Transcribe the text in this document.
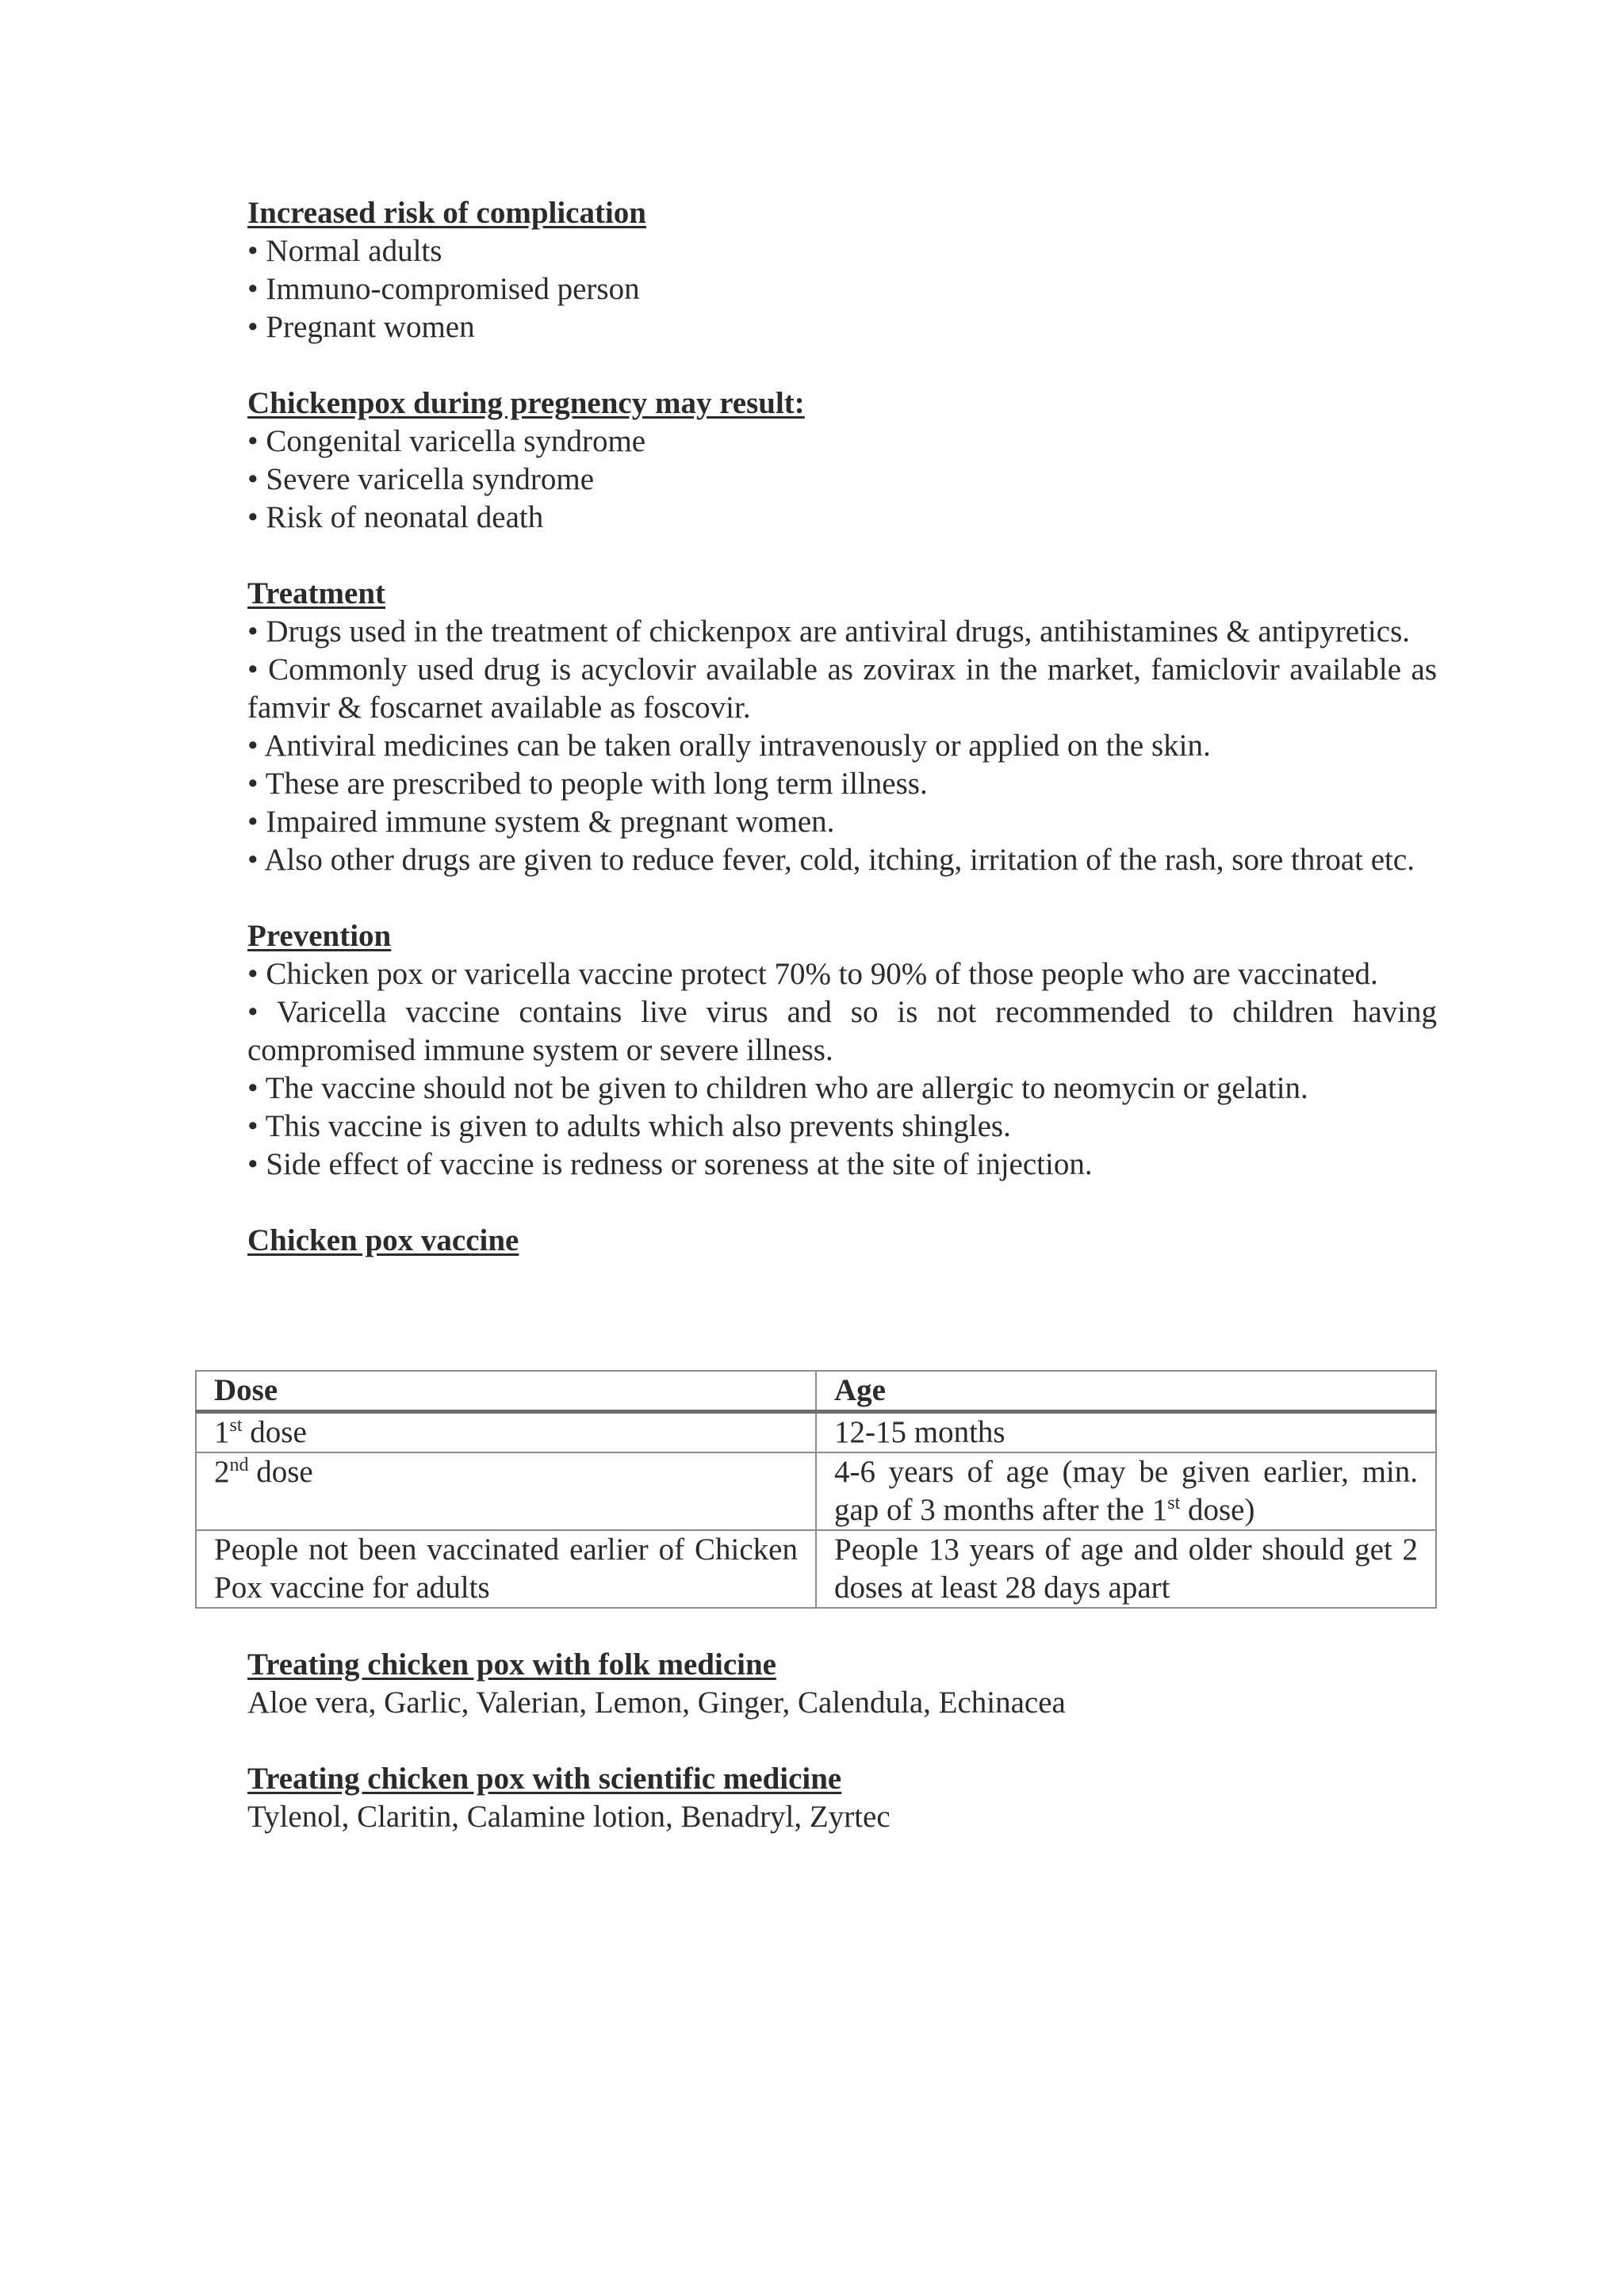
Increased risk of complication
• Normal adults
• Immuno-compromised person
• Pregnant women
Chickenpox during pregnency may result:
• Congenital varicella syndrome
• Severe varicella syndrome
• Risk of neonatal death
Treatment
• Drugs used in the treatment of chickenpox are antiviral drugs, antihistamines & antipyretics.
• Commonly used drug is acyclovir available as zovirax in the market, famiclovir available as famvir & foscarnet available as foscovir.
• Antiviral medicines can be taken orally intravenously or applied on the skin.
• These are prescribed to people with long term illness.
• Impaired immune system & pregnant women.
• Also other drugs are given to reduce fever, cold, itching, irritation of the rash, sore throat etc.
Prevention
• Chicken pox or varicella vaccine protect 70% to 90% of those people who are vaccinated.
• Varicella vaccine contains live virus and so is not recommended to children having compromised immune system or severe illness.
• The vaccine should not be given to children who are allergic to neomycin or gelatin.
• This vaccine is given to adults which also prevents shingles.
• Side effect of vaccine is redness or soreness at the site of injection.
Chicken pox vaccine
Dose	Age
1st dose	12-15 months
2nd dose	4-6 years of age (may be given earlier, min. gap of 3 months after the 1st dose)
People not been vaccinated earlier of Chicken Pox vaccine for adults	People 13 years of age and older should get 2 doses at least 28 days apart
Treating chicken pox with folk medicine

Aloe vera, Garlic, Valerian, Lemon, Ginger, Calendula, Echinacea

Treating chicken pox with scientific medicine

Tylenol, Claritin, Calamine lotion, Benadryl, Zyrtec
